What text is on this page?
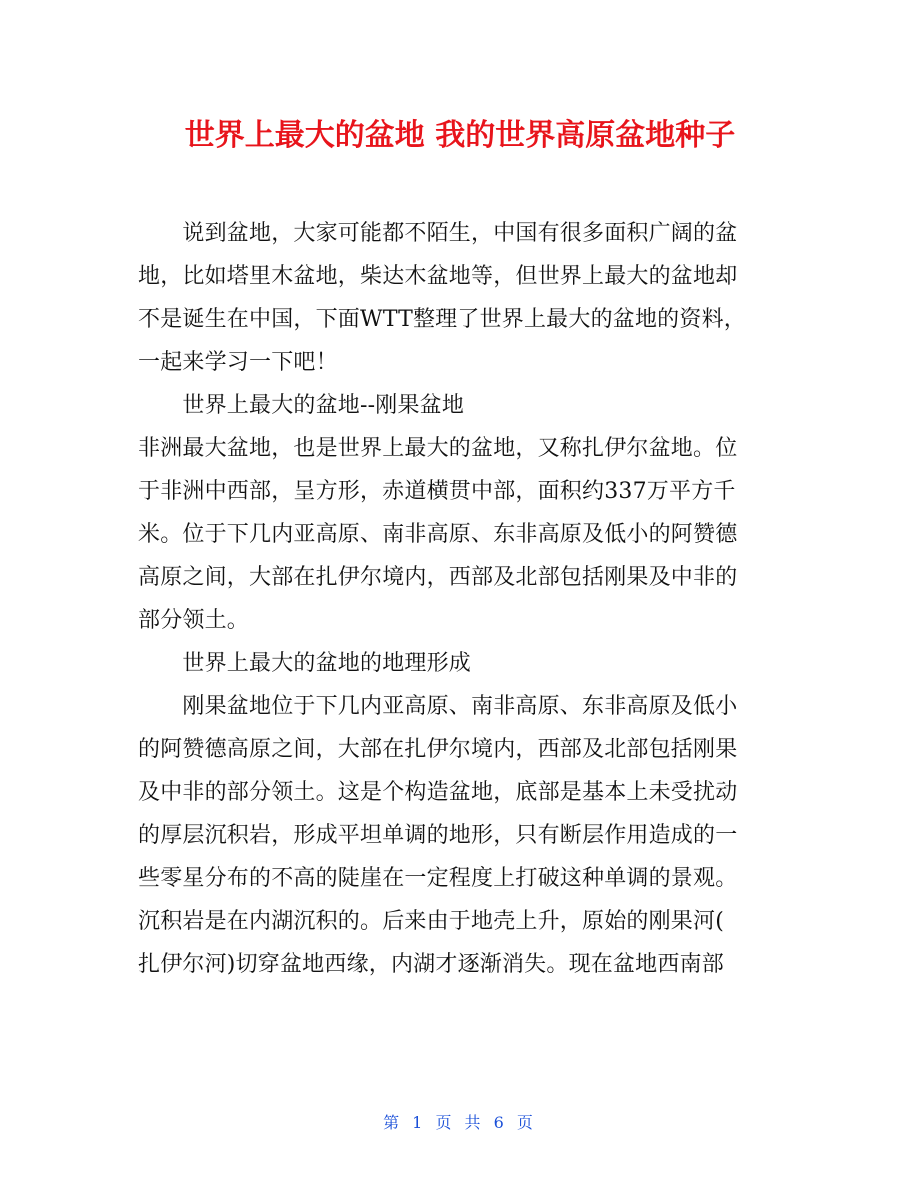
世界上最大的盆地 我的世界高原盆地种子
　　说到盆地，大家可能都不陌生，中国有很多面积广阔的盆
地，比如塔里木盆地，柴达木盆地等，但世界上最大的盆地却
不是诞生在中国，下面WTT整理了世界上最大的盆地的资料，
一起来学习一下吧！
　　世界上最大的盆地--刚果盆地
非洲最大盆地，也是世界上最大的盆地，又称扎伊尔盆地。位
于非洲中西部，呈方形，赤道横贯中部，面积约337万平方千
米。位于下几内亚高原、南非高原、东非高原及低小的阿赞德
高原之间，大部在扎伊尔境内，西部及北部包括刚果及中非的
部分领土。
　　世界上最大的盆地的地理形成
　　刚果盆地位于下几内亚高原、南非高原、东非高原及低小
的阿赞德高原之间，大部在扎伊尔境内，西部及北部包括刚果
及中非的部分领土。这是个构造盆地，底部是基本上未受扰动
的厚层沉积岩，形成平坦单调的地形，只有断层作用造成的一
些零星分布的不高的陡崖在一定程度上打破这种单调的景观。
沉积岩是在内湖沉积的。后来由于地壳上升，原始的刚果河(
扎伊尔河)切穿盆地西缘，内湖才逐渐消失。现在盆地西南部
第 1 页 共 6 页
